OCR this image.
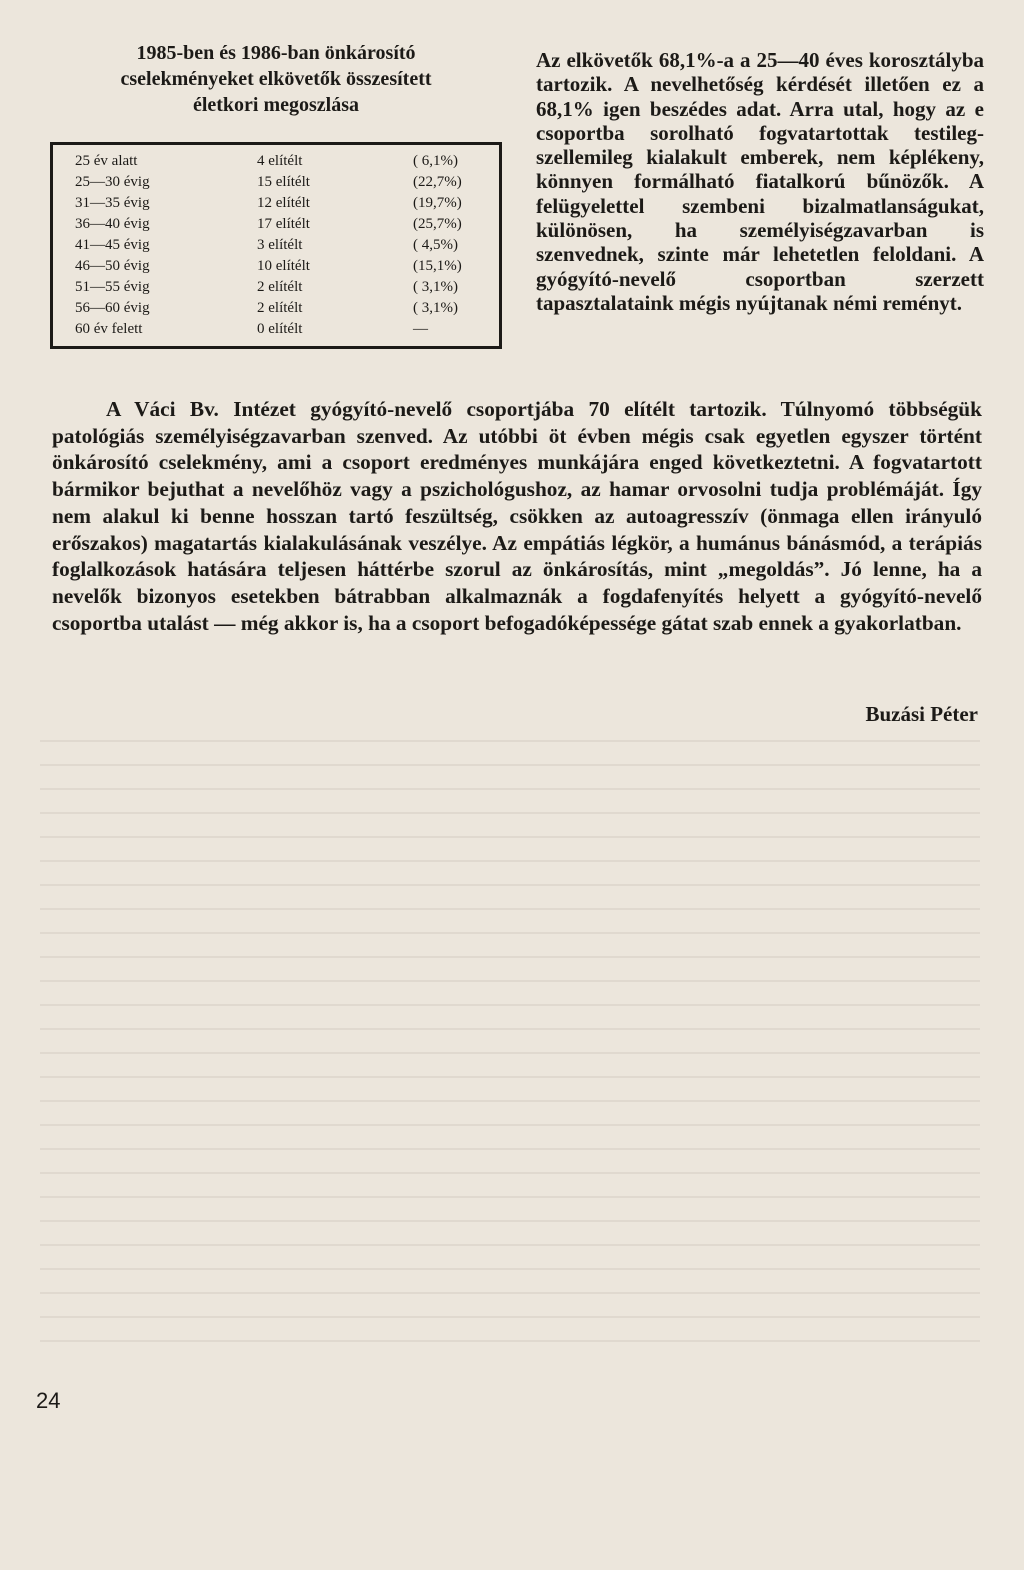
1985-ben és 1986-ban önkárosító
cselekményeket elkövetők összesített
életkori megoszlása

25 év alatt	4 elítélt	( 6,1%)
25—30 évig	15 elítélt	(22,7%)
31—35 évig	12 elítélt	(19,7%)
36—40 évig	17 elítélt	(25,7%)
41—45 évig	3 elítélt	( 4,5%)
46—50 évig	10 elítélt	(15,1%)
51—55 évig	2 elítélt	( 3,1%)
56—60 évig	2 elítélt	( 3,1%)
60 év felett	0 elítélt	—

Az elkövetők 68,1%-a a 25—40 éves korosztályba tartozik. A nevelhetőség kérdését illetően ez a 68,1% igen beszédes adat. Arra utal, hogy az e csoportba sorolható fogvatartottak testileg-szellemileg kialakult emberek, nem képlékeny, könnyen formálható fiatalkorú bűnözők. A felügyelettel szembeni bizalmatlanságukat, különösen, ha személyiségzavarban is szenvednek, szinte már lehetetlen feloldani. A gyógyító-nevelő csoportban szerzett tapasztalataink mégis nyújtanak némi reményt.

A Váci Bv. Intézet gyógyító-nevelő csoportjába 70 elítélt tartozik. Túlnyomó többségük patológiás személyiségzavarban szenved. Az utóbbi öt évben mégis csak egyetlen egyszer történt önkárosító cselekmény, ami a csoport eredményes munkájára enged következtetni. A fogvatartott bármikor bejuthat a nevelőhöz vagy a pszichológushoz, az hamar orvosolni tudja problémáját. Így nem alakul ki benne hosszan tartó feszültség, csökken az autoagresszív (önmaga ellen irányuló erőszakos) magatartás kialakulásának veszélye. Az empátiás légkör, a humánus bánásmód, a terápiás foglalkozások hatására teljesen háttérbe szorul az önkárosítás, mint „megoldás”. Jó lenne, ha a nevelők bizonyos esetekben bátrabban alkalmaznák a fogdafenyítés helyett a gyógyító-nevelő csoportba utalást — még akkor is, ha a csoport befogadóképessége gátat szab ennek a gyakorlatban.

Buzási Péter
24
